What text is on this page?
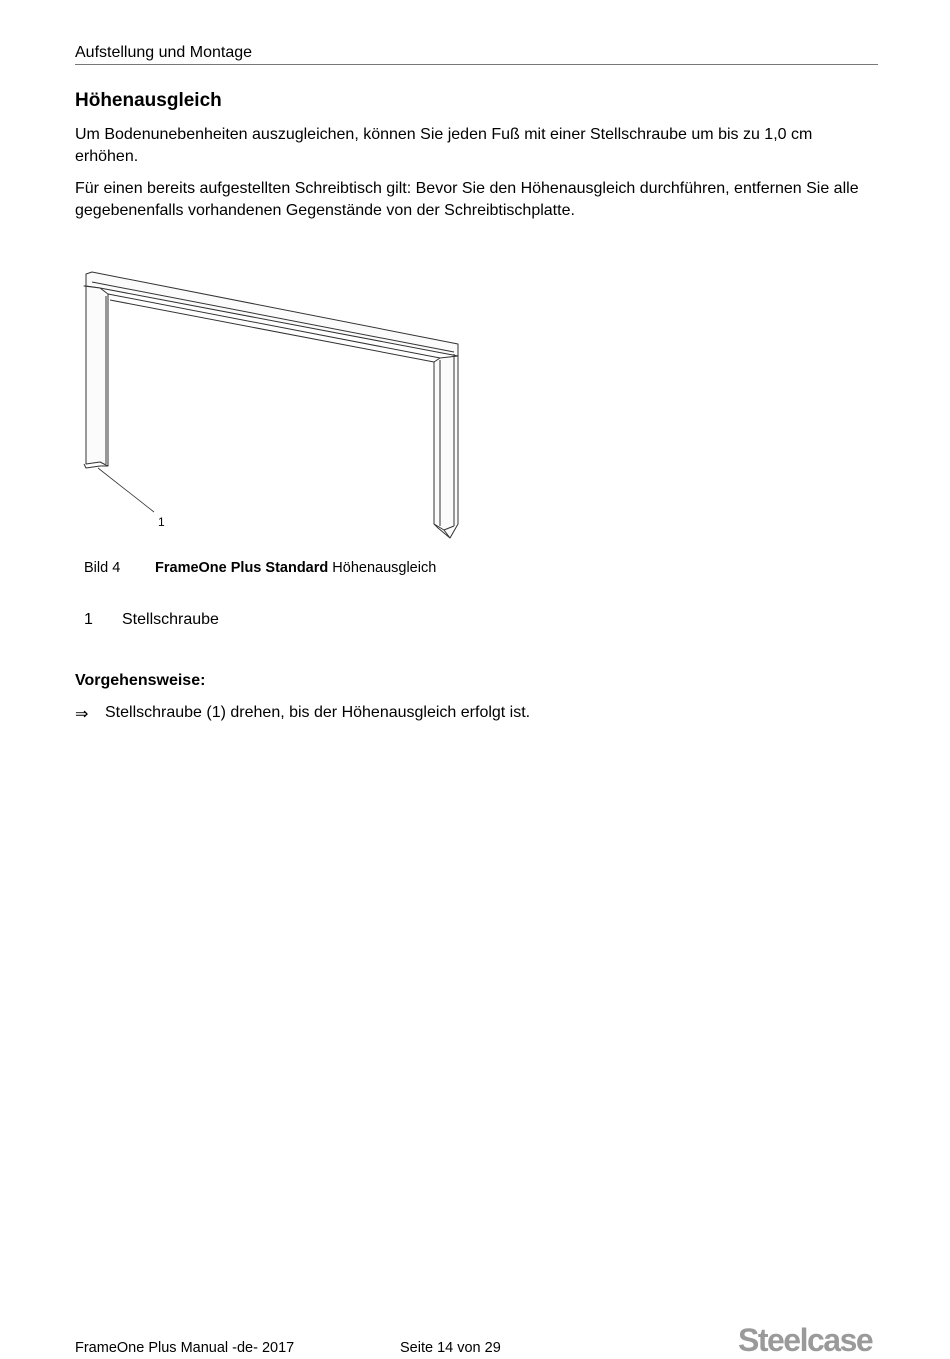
Aufstellung und Montage
Höhenausgleich

Um Bodenunebenheiten auszugleichen, können Sie jeden Fuß mit einer Stellschraube um bis zu 1,0 cm erhöhen.

Für einen bereits aufgestellten Schreibtisch gilt: Bevor Sie den Höhenausgleich durchführen, entfernen Sie alle gegebenenfalls vorhandenen Gegenstände von der Schreibtischplatte.

1
Bild 4 FrameOne Plus Standard Höhenausgleich
1 Stellschraube
Vorgehensweise:
⇒ Stellschraube (1) drehen, bis der Höhenausgleich erfolgt ist.
FrameOne Plus Manual -de- 2017	Seite 14 von 29	Steelcase
